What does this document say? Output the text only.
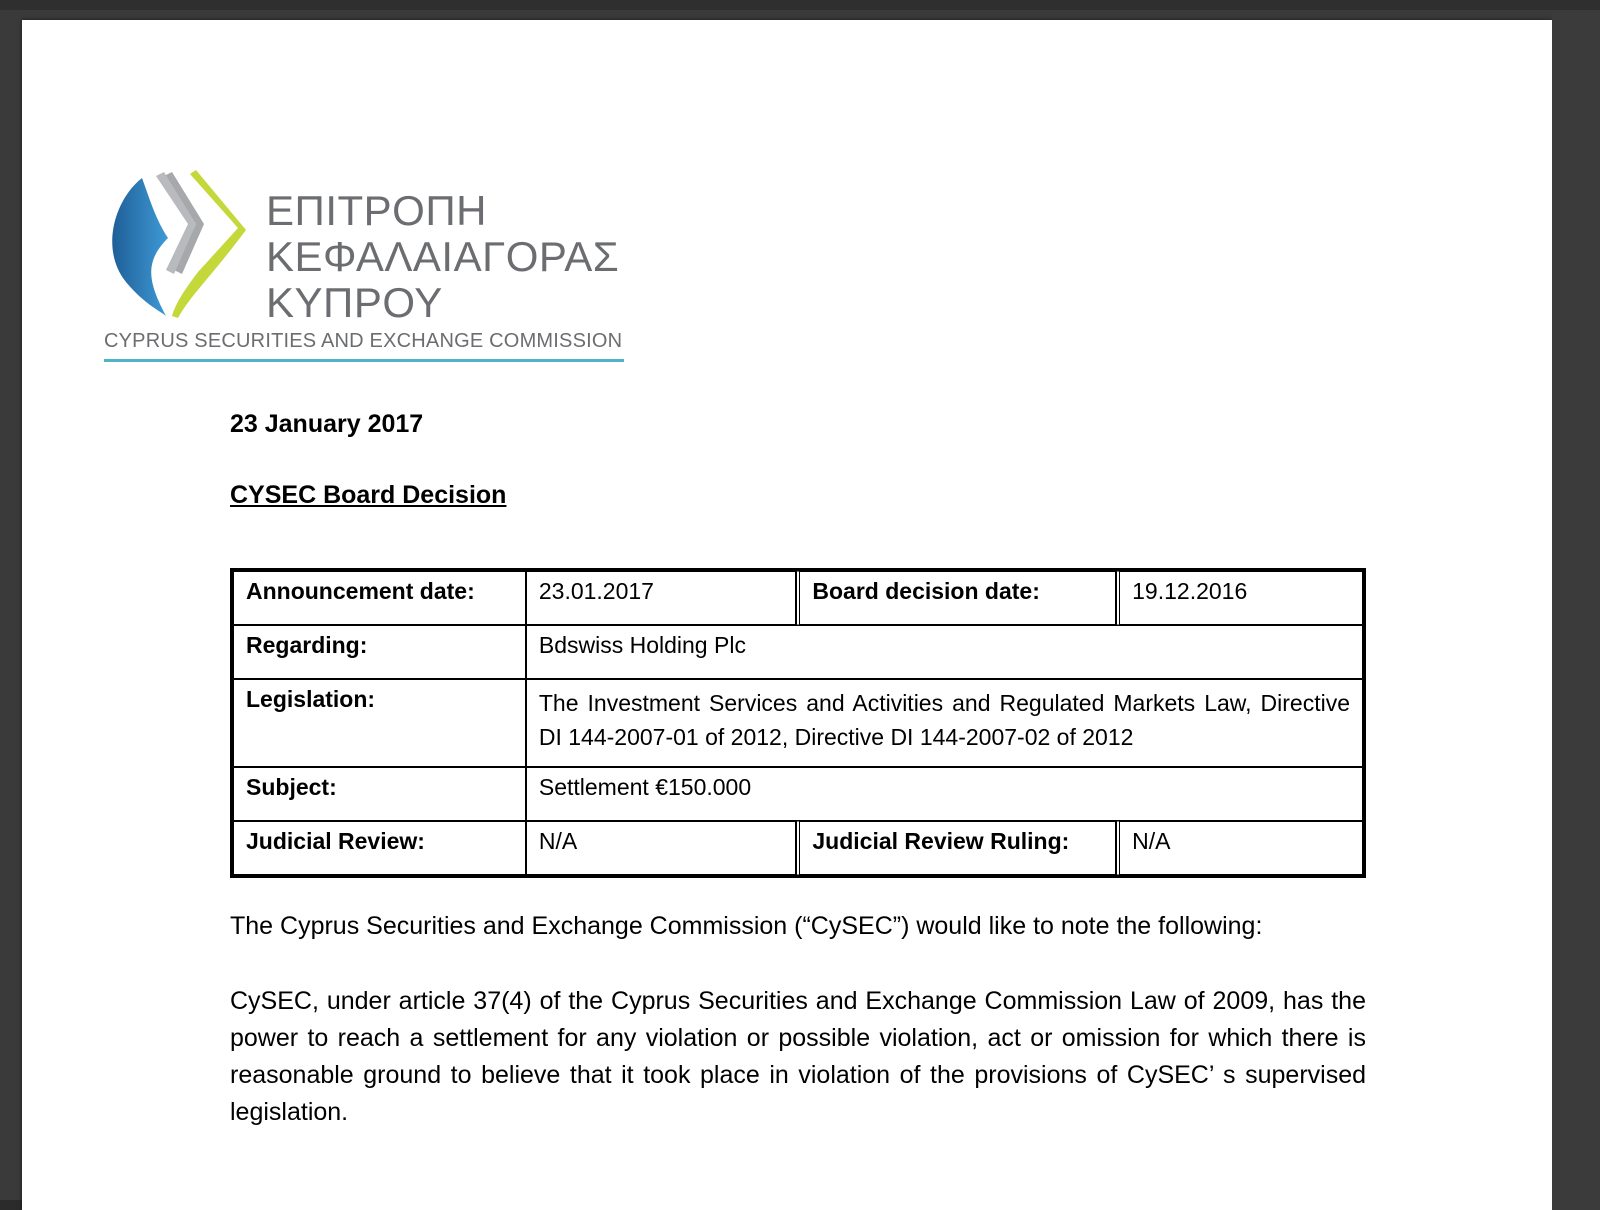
ΕΠΙΤΡΟΠΗ
ΚΕΦΑΛΑΙΑΓΟΡΑΣ
ΚΥΠΡΟΥ
CYPRUS SECURITIES AND EXCHANGE COMMISSION

23 January 2017

CYSEC Board Decision

Announcement date:	23.01.2017	Board decision date:	19.12.2016
Regarding:	Bdswiss Holding Plc		
Legislation:	The Investment Services and Activities and Regulated Markets Law, Directive DI 144-2007-01 of 2012, Directive DI 144-2007-02 of 2012		
Subject:	Settlement €150.000		
Judicial Review:	N/A	Judicial Review Ruling:	N/A

The Cyprus Securities and Exchange Commission (“CySEC”) would like to note the following:

CySEC, under article 37(4) of the Cyprus Securities and Exchange Commission Law of 2009, has the power to reach a settlement for any violation or possible violation, act or omission for which there is reasonable ground to believe that it took place in violation of the provisions of CySEC’ s supervised legislation.
